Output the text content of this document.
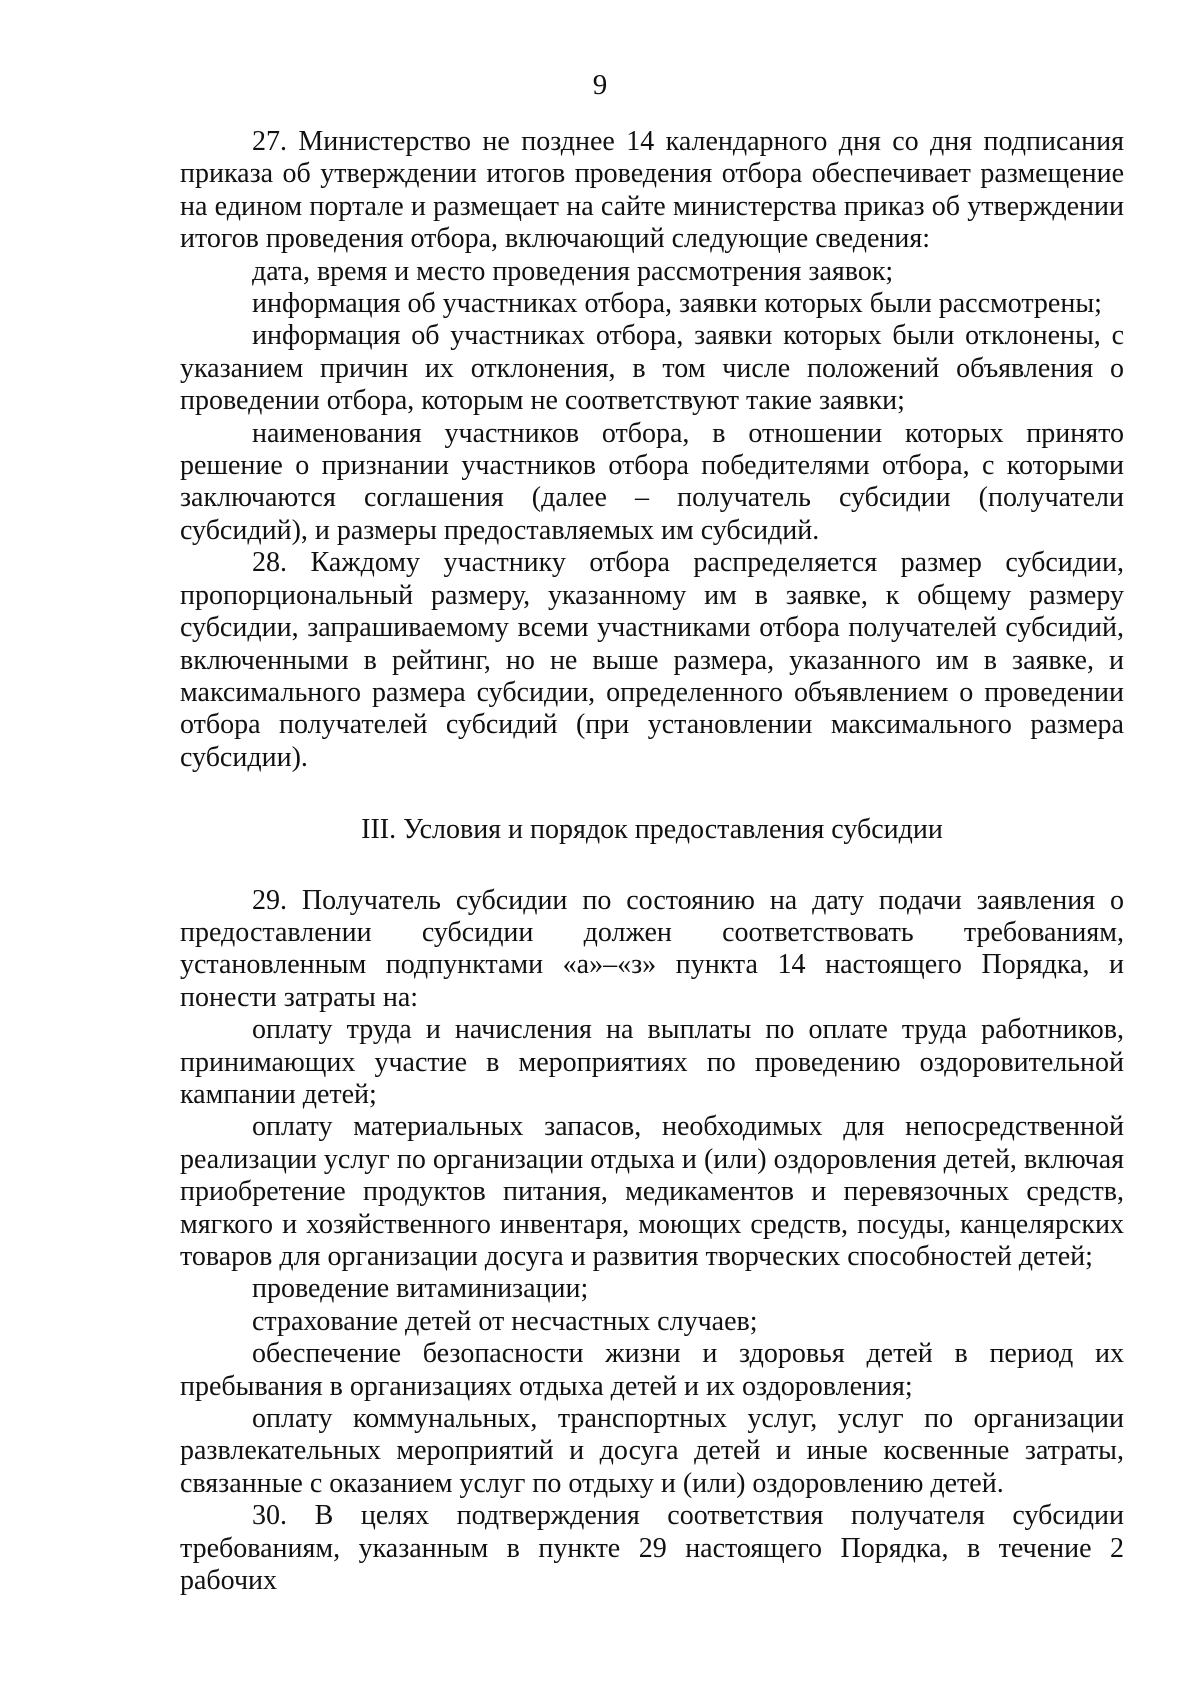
9

27. Министерство не позднее 14 календарного дня со дня подписания приказа об утверждении итогов проведения отбора обеспечивает размещение на едином портале и размещает на сайте министерства приказ об утверждении итогов проведения отбора, включающий следующие сведения:

дата, время и место проведения рассмотрения заявок;

информация об участниках отбора, заявки которых были рассмотрены;

информация об участниках отбора, заявки которых были отклонены, с указанием причин их отклонения, в том числе положений объявления о проведении отбора, которым не соответствуют такие заявки;

наименования участников отбора, в отношении которых принято решение о признании участников отбора победителями отбора, с которыми заключаются соглашения (далее – получатель субсидии (получатели субсидий), и размеры предоставляемых им субсидий.

28. Каждому участнику отбора распределяется размер субсидии, пропорциональный размеру, указанному им в заявке, к общему размеру субсидии, запрашиваемому всеми участниками отбора получателей субсидий, включенными в рейтинг, но не выше размера, указанного им в заявке, и максимального размера субсидии, определенного объявлением о проведении отбора получателей субсидий (при установлении максимального размера субсидии).

III. Условия и порядок предоставления субсидии

29. Получатель субсидии по состоянию на дату подачи заявления о предоставлении субсидии должен соответствовать требованиям, установленным подпунктами «а»–«з» пункта 14 настоящего Порядка, и понести затраты на:

оплату труда и начисления на выплаты по оплате труда работников, принимающих участие в мероприятиях по проведению оздоровительной кампании детей;

оплату материальных запасов, необходимых для непосредственной реализации услуг по организации отдыха и (или) оздоровления детей, включая приобретение продуктов питания, медикаментов и перевязочных средств, мягкого и хозяйственного инвентаря, моющих средств, посуды, канцелярских товаров для организации досуга и развития творческих способностей детей;

проведение витаминизации;

страхование детей от несчастных случаев;

обеспечение безопасности жизни и здоровья детей в период их пребывания в организациях отдыха детей и их оздоровления;

оплату коммунальных, транспортных услуг, услуг по организации развлекательных мероприятий и досуга детей и иные косвенные затраты, связанные с оказанием услуг по отдыху и (или) оздоровлению детей.

30. В целях подтверждения соответствия получателя субсидии требованиям, указанным в пункте 29 настоящего Порядка, в течение 2 рабочих
